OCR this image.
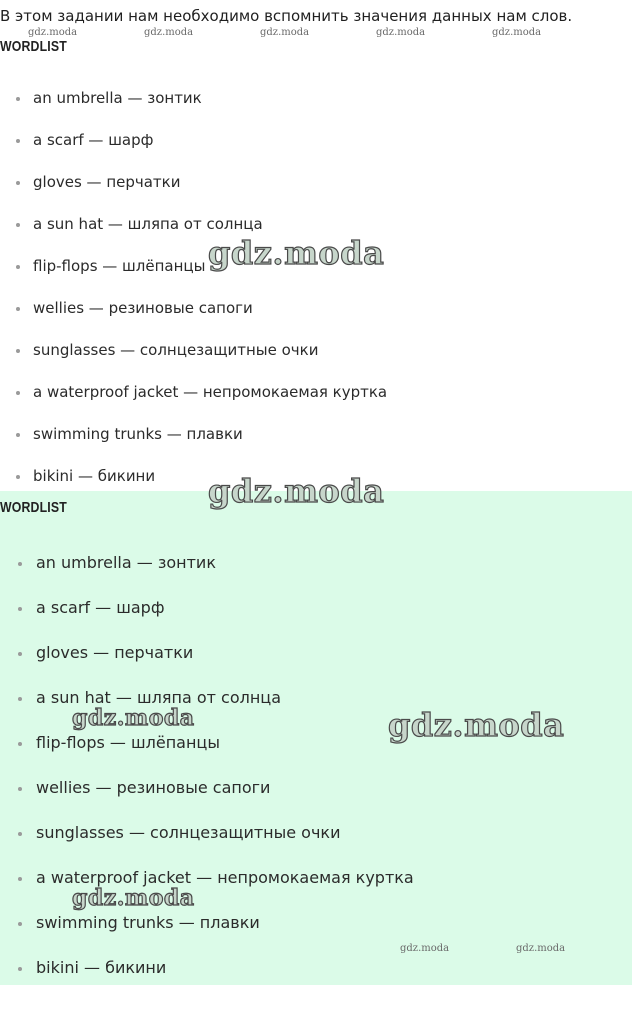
В этом задании нам необходимо вспомнить значения данных нам слов.
WORDLIST
an umbrella — зонтик
a scarf — шарф
gloves — перчатки
a sun hat — шляпа от солнца
flip-flops — шлёпанцы
wellies — резиновые сапоги
sunglasses — солнцезащитные очки
a waterproof jacket — непромокаемая куртка
swimming trunks — плавки
bikini — бикини
WORDLIST
an umbrella — зонтик
a scarf — шарф
gloves — перчатки
a sun hat — шляпа от солнца
flip-flops — шлёпанцы
wellies — резиновые сапоги
sunglasses — солнцезащитные очки
a waterproof jacket — непромокаемая куртка
swimming trunks — плавки
bikini — бикини
gdz.moda	gdz.moda	gdz.moda	gdz.moda	gdz.moda
gdz.moda	gdz.moda
gdz.moda
gdz.moda
gdz.moda	gdz.moda
gdz.moda
